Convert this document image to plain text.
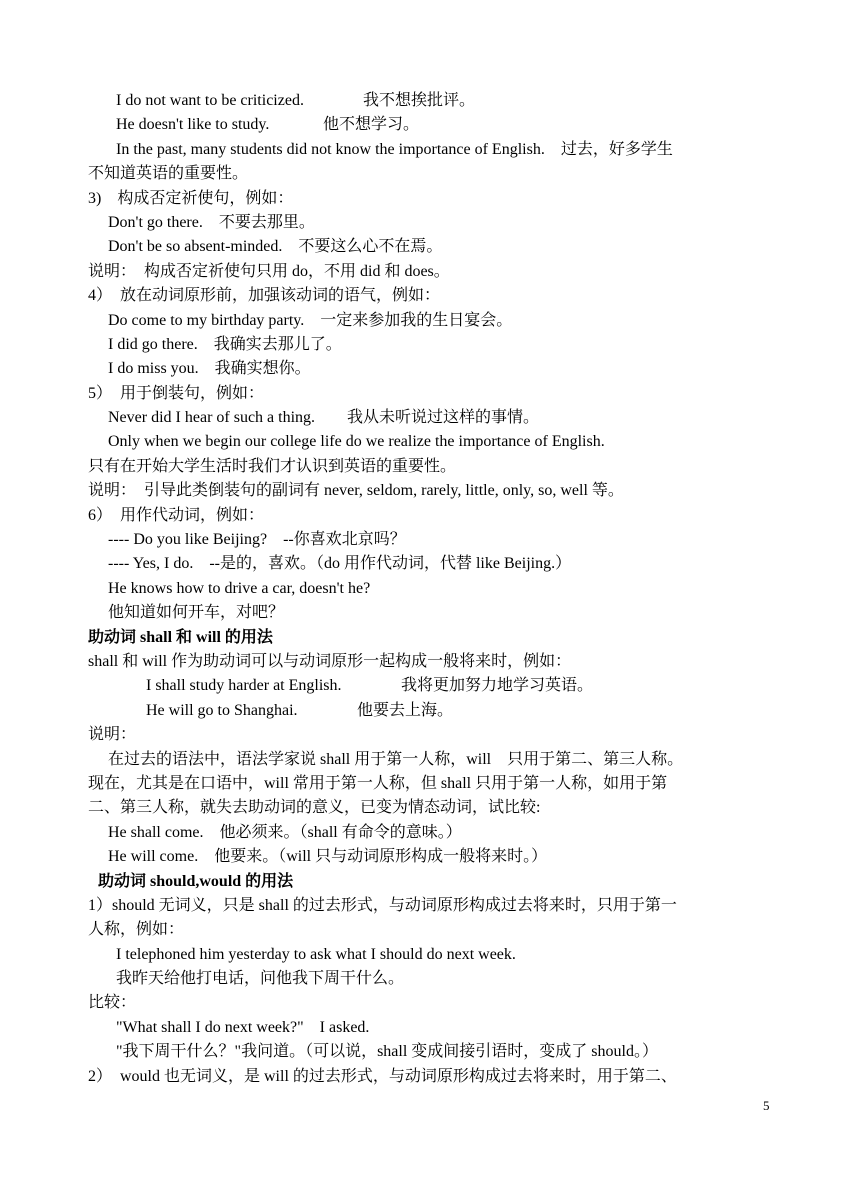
I do not want to be criticized.	我不想挨批评。
He doesn't like to study.	他不想学习。
In the past, many students did not know the importance of English.　过去，好多学生
不知道英语的重要性。
3)　构成否定祈使句，例如：
Don't go there.　不要去那里。
Don't be so absent-minded.　不要这么心不在焉。
说明：　构成否定祈使句只用 do，不用 did 和 does。
4）　放在动词原形前，加强该动词的语气，例如：
Do come to my birthday party.　一定来参加我的生日宴会。
I did go there.　我确实去那儿了。
I do miss you.　我确实想你。
5）　用于倒装句，例如：
Never did I hear of such a thing.　　我从未听说过这样的事情。
Only when we begin our college life do we realize the importance of English.
只有在开始大学生活时我们才认识到英语的重要性。
说明：　引导此类倒装句的副词有 never, seldom, rarely, little, only, so, well 等。
6）　用作代动词，例如：
---- Do you like Beijing?　--你喜欢北京吗？
---- Yes, I do.　--是的，喜欢。（do 用作代动词，代替 like Beijing.）
He knows how to drive a car, doesn't he?
他知道如何开车，对吧？
助动词 shall 和 will 的用法
shall 和 will 作为助动词可以与动词原形一起构成一般将来时，例如：
I shall study harder at English.	我将更加努力地学习英语。
He will go to Shanghai.	他要去上海。
说明：
在过去的语法中，语法学家说 shall 用于第一人称，will　只用于第二、第三人称。
现在，尤其是在口语中，will 常用于第一人称，但 shall 只用于第一人称，如用于第
二、第三人称，就失去助动词的意义，已变为情态动词，试比较:
He shall come.　他必须来。（shall 有命令的意味。）
He will come.　他要来。（will 只与动词原形构成一般将来时。）
助动词 should,would 的用法
1）should 无词义，只是 shall 的过去形式，与动词原形构成过去将来时，只用于第一
人称，例如：
I telephoned him yesterday to ask what I should do next week.
我昨天给他打电话，问他我下周干什么。
比较：
"What shall I do next week?"　I asked.
"我下周干什么？"我问道。（可以说，shall 变成间接引语时，变成了 should。）
2）　would 也无词义，是 will 的过去形式，与动词原形构成过去将来时，用于第二、
5
